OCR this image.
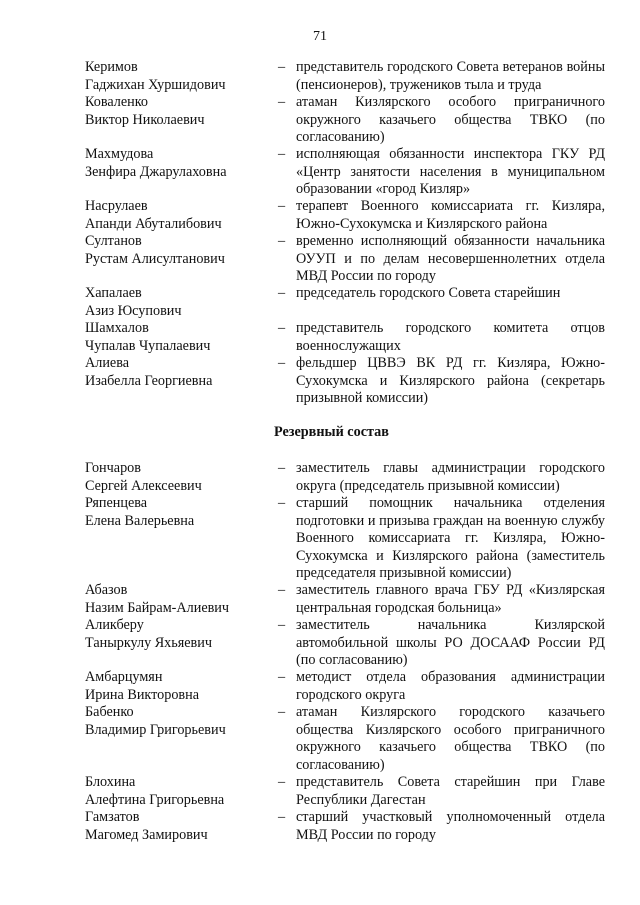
71
Керимов
Гаджихан Хуршидович
– представитель городского Совета ветеранов войны (пенсионеров), тружеников тыла и труда
Коваленко
Виктор Николаевич
– атаман Кизлярского особого приграничного окружного казачьего общества ТВКО (по согласованию)
Махмудова
Зенфира Джарулаховна
– исполняющая обязанности инспектора ГКУ РД «Центр занятости населения в муниципальном образовании «город Кизляр»
Насрулаев
Апанди Абуталибович
– терапевт Военного комиссариата гг. Кизляра, Южно-Сухокумска и Кизлярского района
Султанов
Рустам Алисултанович
– временно исполняющий обязанности начальника ОУУП и по делам несовершеннолетних отдела МВД России по городу
Хапалаев
Азиз Юсупович
– председатель городского Совета старейшин
Шамхалов
Чупалав Чупалаевич
– представитель городского комитета отцов военнослужащих
Алиева
Изабелла Георгиевна
– фельдшер ЦВВЭ ВК РД гг. Кизляра, Южно-Сухокумска и Кизлярского района (секретарь призывной комиссии)
Резервный состав
Гончаров
Сергей Алексеевич
– заместитель главы администрации городского округа (председатель призывной комиссии)
Ряпенцева
Елена Валерьевна
– старший помощник начальника отделения подготовки и призыва граждан на военную службу Военного комиссариата гг. Кизляра, Южно-Сухокумска и Кизлярского района (заместитель председателя призывной комиссии)
Абазов
Назим Байрам-Алиевич
– заместитель главного врача ГБУ РД «Кизлярская центральная городская больница»
Аликберу
Таныркулу Яхьяевич
– заместитель начальника Кизлярской автомобильной школы РО ДОСААФ России РД (по согласованию)
Амбарцумян
Ирина Викторовна
– методист отдела образования администрации городского округа
Бабенко
Владимир Григорьевич
– атаман Кизлярского городского казачьего общества Кизлярского особого приграничного окружного казачьего общества ТВКО (по согласованию)
Блохина
Алефтина Григорьевна
– представитель Совета старейшин при Главе Республики Дагестан
Гамзатов
Магомед Замирович
– старший участковый уполномоченный отдела МВД России по городу
